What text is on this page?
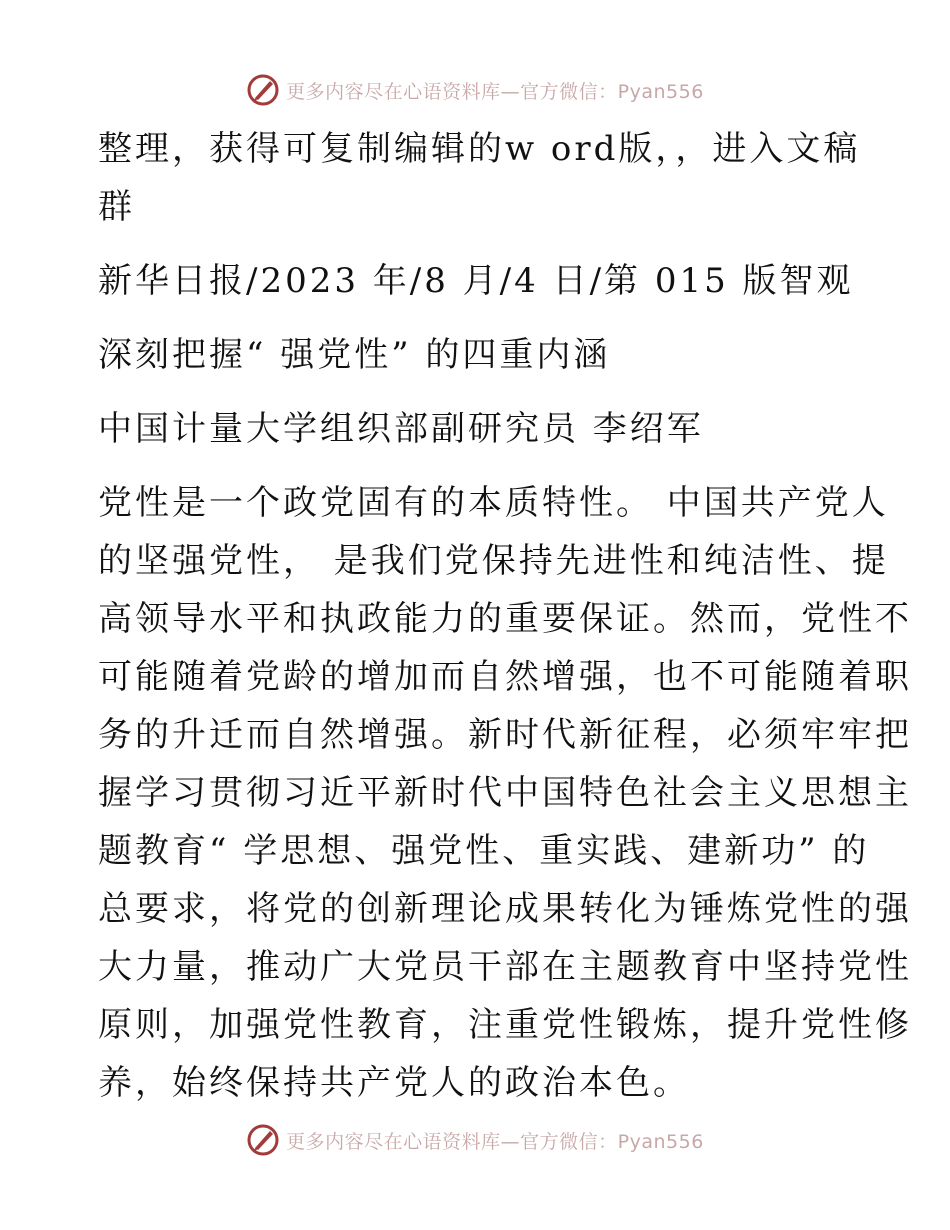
更多内容尽在心语资料库—官方微信：Pyan556
整理，获得可复制编辑的w ord版，，进入文稿
群
新华日报/2023 年/8 月/4 日/第 015 版智观
深刻把握“ 强党性” 的四重内涵
中国计量大学组织部副研究员 李绍军
党性是一个政党固有的本质特性。 中国共产党人
的坚强党性， 是我们党保持先进性和纯洁性、提
高领导水平和执政能力的重要保证。然而，党性不
可能随着党龄的增加而自然增强，也不可能随着职
务的升迁而自然增强。新时代新征程，必须牢牢把
握学习贯彻习近平新时代中国特色社会主义思想主
题教育“ 学思想、强党性、重实践、建新功” 的
总要求，将党的创新理论成果转化为锤炼党性的强
大力量，推动广大党员干部在主题教育中坚持党性
原则，加强党性教育，注重党性锻炼，提升党性修
养，始终保持共产党人的政治本色。
更多内容尽在心语资料库—官方微信：Pyan556
